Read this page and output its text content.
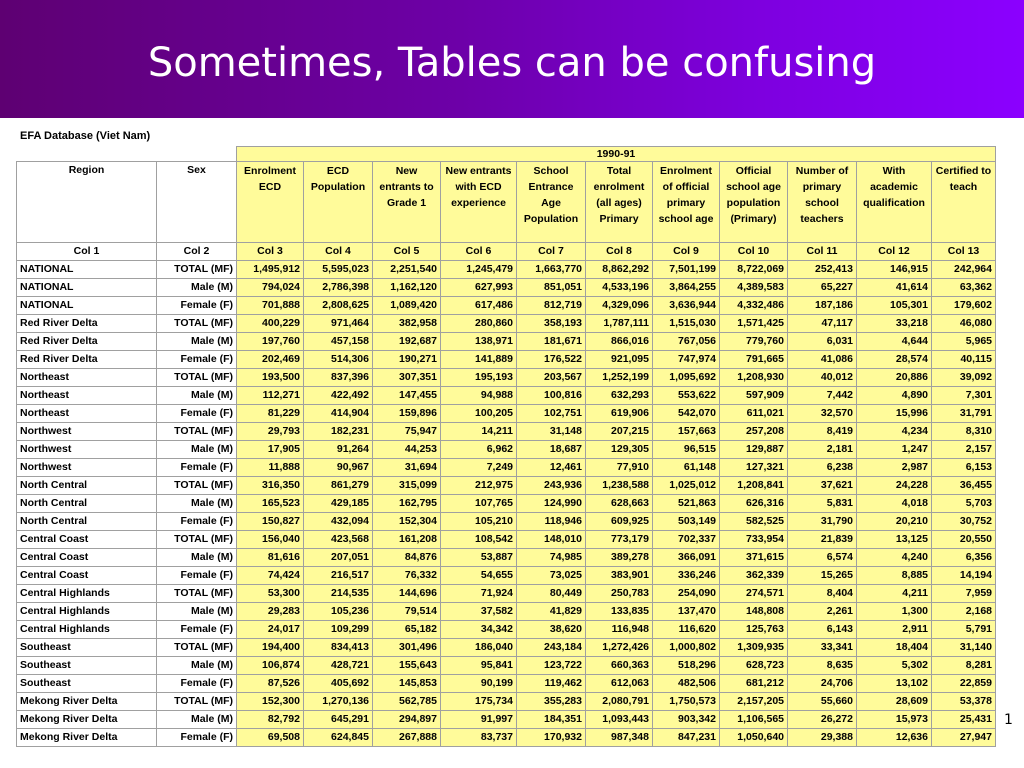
Sometimes, Tables can be confusing
EFA Database (Viet Nam)
		1990-91										
Region	Sex	Enrolment ECD	ECD Population	New entrants to Grade 1	New entrants with ECD experience	School Entrance Age Population	Total enrolment (all ages) Primary	Enrolment of official primary school age	Official school age population (Primary)	Number of primary school teachers	With academic qualification	Certified to teach
Col 1	Col 2	Col 3	Col 4	Col 5	Col 6	Col 7	Col 8	Col 9	Col 10	Col 11	Col 12	Col 13
NATIONAL	TOTAL (MF)	1,495,912	5,595,023	2,251,540	1,245,479	1,663,770	8,862,292	7,501,199	8,722,069	252,413	146,915	242,964
NATIONAL	Male (M)	794,024	2,786,398	1,162,120	627,993	851,051	4,533,196	3,864,255	4,389,583	65,227	41,614	63,362
NATIONAL	Female (F)	701,888	2,808,625	1,089,420	617,486	812,719	4,329,096	3,636,944	4,332,486	187,186	105,301	179,602
Red River Delta	TOTAL (MF)	400,229	971,464	382,958	280,860	358,193	1,787,111	1,515,030	1,571,425	47,117	33,218	46,080
Red River Delta	Male (M)	197,760	457,158	192,687	138,971	181,671	866,016	767,056	779,760	6,031	4,644	5,965
Red River Delta	Female (F)	202,469	514,306	190,271	141,889	176,522	921,095	747,974	791,665	41,086	28,574	40,115
Northeast	TOTAL (MF)	193,500	837,396	307,351	195,193	203,567	1,252,199	1,095,692	1,208,930	40,012	20,886	39,092
Northeast	Male (M)	112,271	422,492	147,455	94,988	100,816	632,293	553,622	597,909	7,442	4,890	7,301
Northeast	Female (F)	81,229	414,904	159,896	100,205	102,751	619,906	542,070	611,021	32,570	15,996	31,791
Northwest	TOTAL (MF)	29,793	182,231	75,947	14,211	31,148	207,215	157,663	257,208	8,419	4,234	8,310
Northwest	Male (M)	17,905	91,264	44,253	6,962	18,687	129,305	96,515	129,887	2,181	1,247	2,157
Northwest	Female (F)	11,888	90,967	31,694	7,249	12,461	77,910	61,148	127,321	6,238	2,987	6,153
North Central	TOTAL (MF)	316,350	861,279	315,099	212,975	243,936	1,238,588	1,025,012	1,208,841	37,621	24,228	36,455
North Central	Male (M)	165,523	429,185	162,795	107,765	124,990	628,663	521,863	626,316	5,831	4,018	5,703
North Central	Female (F)	150,827	432,094	152,304	105,210	118,946	609,925	503,149	582,525	31,790	20,210	30,752
Central Coast	TOTAL (MF)	156,040	423,568	161,208	108,542	148,010	773,179	702,337	733,954	21,839	13,125	20,550
Central Coast	Male (M)	81,616	207,051	84,876	53,887	74,985	389,278	366,091	371,615	6,574	4,240	6,356
Central Coast	Female (F)	74,424	216,517	76,332	54,655	73,025	383,901	336,246	362,339	15,265	8,885	14,194
Central Highlands	TOTAL (MF)	53,300	214,535	144,696	71,924	80,449	250,783	254,090	274,571	8,404	4,211	7,959
Central Highlands	Male (M)	29,283	105,236	79,514	37,582	41,829	133,835	137,470	148,808	2,261	1,300	2,168
Central Highlands	Female (F)	24,017	109,299	65,182	34,342	38,620	116,948	116,620	125,763	6,143	2,911	5,791
Southeast	TOTAL (MF)	194,400	834,413	301,496	186,040	243,184	1,272,426	1,000,802	1,309,935	33,341	18,404	31,140
Southeast	Male (M)	106,874	428,721	155,643	95,841	123,722	660,363	518,296	628,723	8,635	5,302	8,281
Southeast	Female (F)	87,526	405,692	145,853	90,199	119,462	612,063	482,506	681,212	24,706	13,102	22,859
Mekong River Delta	TOTAL (MF)	152,300	1,270,136	562,785	175,734	355,283	2,080,791	1,750,573	2,157,205	55,660	28,609	53,378
Mekong River Delta	Male (M)	82,792	645,291	294,897	91,997	184,351	1,093,443	903,342	1,106,565	26,272	15,973	25,431
Mekong River Delta	Female (F)	69,508	624,845	267,888	83,737	170,932	987,348	847,231	1,050,640	29,388	12,636	27,947
1
